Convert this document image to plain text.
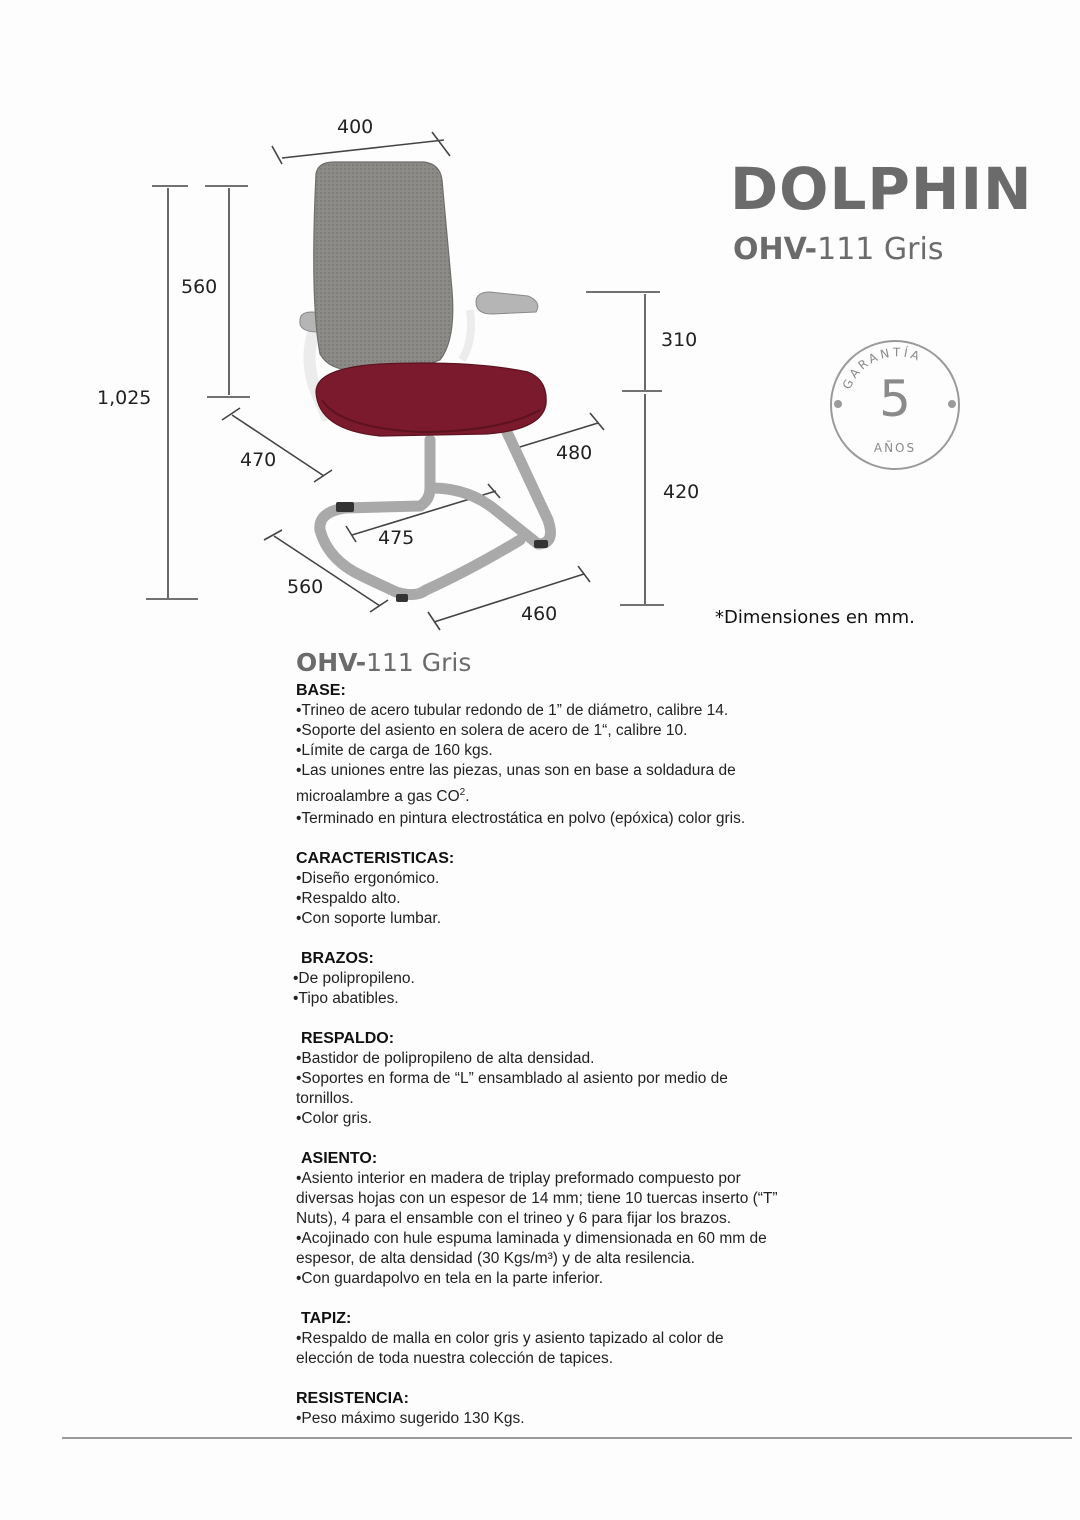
400
560
1,025
310
420
480
470
475
560
460
DOLPHIN
OHV-111 Gris
GARANTÍA
5
AÑOS
*Dimensiones en mm.
OHV-111 Gris
BASE:
•Trineo de acero tubular redondo de 1” de diámetro, calibre 14.
•Soporte del asiento en solera de acero de 1“, calibre 10.
•Límite de carga de 160 kgs.
•Las uniones entre las piezas, unas son en base a soldadura de
microalambre a gas $CO^2$.
•Terminado en pintura electrostática en polvo (epóxica) color gris.
CARACTERISTICAS:
•Diseño ergonómico.
•Respaldo alto.
•Con soporte lumbar.
BRAZOS:
•De polipropileno.
•Tipo abatibles.
RESPALDO:
•Bastidor de polipropileno de alta densidad.
•Soportes en forma de “L” ensamblado al asiento por medio de
tornillos.
•Color gris.
ASIENTO:
•Asiento interior en madera de triplay preformado compuesto por
diversas hojas con un espesor de 14 mm; tiene 10 tuercas inserto (“T”
Nuts), 4 para el ensamble con el trineo y 6 para fijar los brazos.
•Acojinado con hule espuma laminada y dimensionada en 60 mm de
espesor, de alta densidad (30 Kgs/m³) y de alta resilencia.
•Con guardapolvo en tela en la parte inferior.
TAPIZ:
•Respaldo de malla en color gris y asiento tapizado al color de
elección de toda nuestra colección de tapices.
RESISTENCIA:
•Peso máximo sugerido 130 Kgs.
